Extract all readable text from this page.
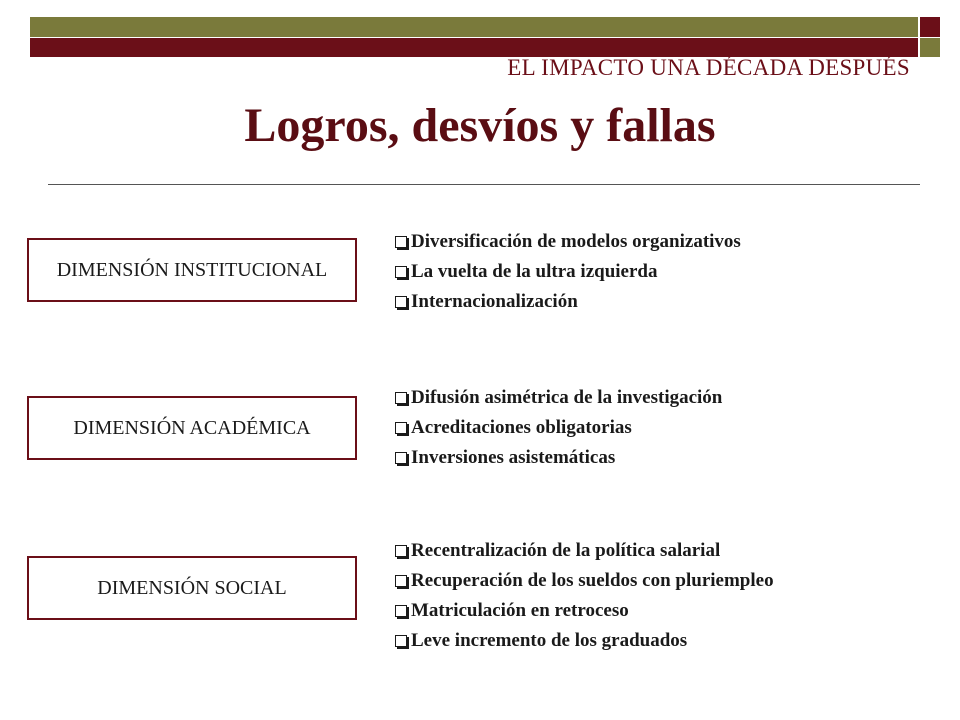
EL IMPACTO UNA DÉCADA DESPUÉS
Logros, desvíos y fallas
DIMENSIÓN INSTITUCIONAL
Diversificación de modelos organizativos
La vuelta de la ultra izquierda
Internacionalización
DIMENSIÓN ACADÉMICA
Difusión asimétrica de la investigación
Acreditaciones obligatorias
Inversiones asistemáticas
DIMENSIÓN SOCIAL
Recentralización de la política salarial
Recuperación de los sueldos con pluriempleo
Matriculación en retroceso
Leve incremento de los graduados
